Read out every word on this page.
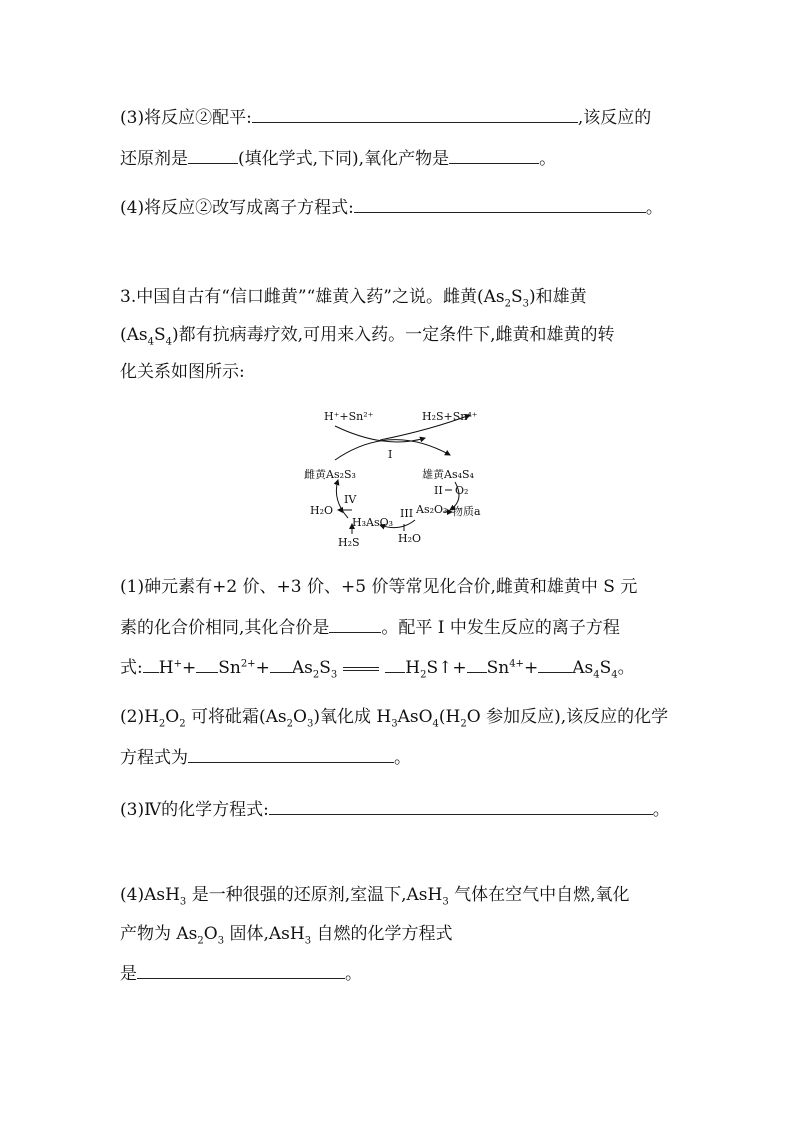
(3)将反应②配平:	,该反应的
还原剂是	(填化学式,下同),氧化产物是	。
(4)将反应②改写成离子方程式:	。
3.中国自古有“信口雌黄”“雄黄入药”之说。雌黄$(As_2S_3)$和雄黄
$(As_4S_4)$都有抗病毒疗效,可用来入药。一定条件下,雌黄和雄黄的转
化关系如图所示:
H⁺+Sn²⁺	H₂S+Sn⁴⁺
I
雌黄As₂S₃	雄黄As₄S₄
II O₂
III As₂O₃ 物质a
IV
H₂O
H₃AsO₃
H₂S	H₂O
(1)砷元素有+2 价、+3 价、+5 价等常见化合价,雌黄和雄黄中 S 元
素的化合价相同,其化合价是	。配平 I 中发生反应的离子方程
式: $H^++ Sn^{2+}+ As_2S_3$	$H_2S↑+ Sn^{4+}+ As_4S_4$。
$(2)H_2O_2$ 可将砒霜$(As_2O_3)$氧化成 $H_3AsO_4(H_2O$ 参加反应),该反应的化学
方程式为	。
(3)Ⅳ的化学方程式:	。
(4)AsH$_3$ 是一种很强的还原剂,室温下,AsH$_3$ 气体在空气中自燃,氧化
产物为 $As_2O_3$ 固体,AsH$_3$ 自燃的化学方程式
是	。
